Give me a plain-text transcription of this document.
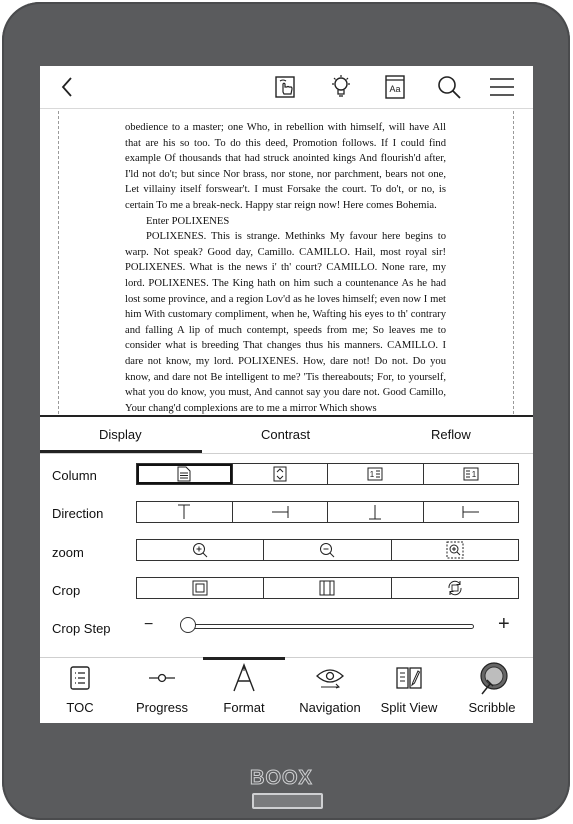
Aa

obedience to a master; one Who, in rebellion with himself, will have All that are his so too. To do this deed, Promotion follows. If I could find example Of thousands that had struck anointed kings And flourish'd after, I'ld not do't; but since Nor brass, nor stone, nor parchment, bears not one, Let villainy itself forswear't. I must Forsake the court. To do't, or no, is certain To me a break-neck. Happy star reign now! Here comes Bohemia.

Enter POLIXENES

POLIXENES. This is strange. Methinks My favour here begins to warp. Not speak? Good day, Camillo. CAMILLO. Hail, most royal sir! POLIXENES. What is the news i' th' court? CAMILLO. None rare, my lord. POLIXENES. The King hath on him such a countenance As he had lost some province, and a region Lov'd as he loves himself; even now I met him With customary compliment, when he, Wafting his eyes to th' contrary and falling A lip of much contempt, speeds from me; So leaves me to consider what is breeding That changes thus his manners. CAMILLO. I dare not know, my lord. POLIXENES. How, dare not! Do not. Do you know, and dare not Be intelligent to me? 'Tis thereabouts; For, to yourself, what you do know, you must, And cannot say you dare not. Good Camillo, Your chang'd complexions are to me a mirror Which shows

Display	Contrast	Reflow
Column	1	1
Direction
zoom
Crop
Crop Step −	+
TOC	Progress	Format	Navigation Split View Scribble
BOOX
